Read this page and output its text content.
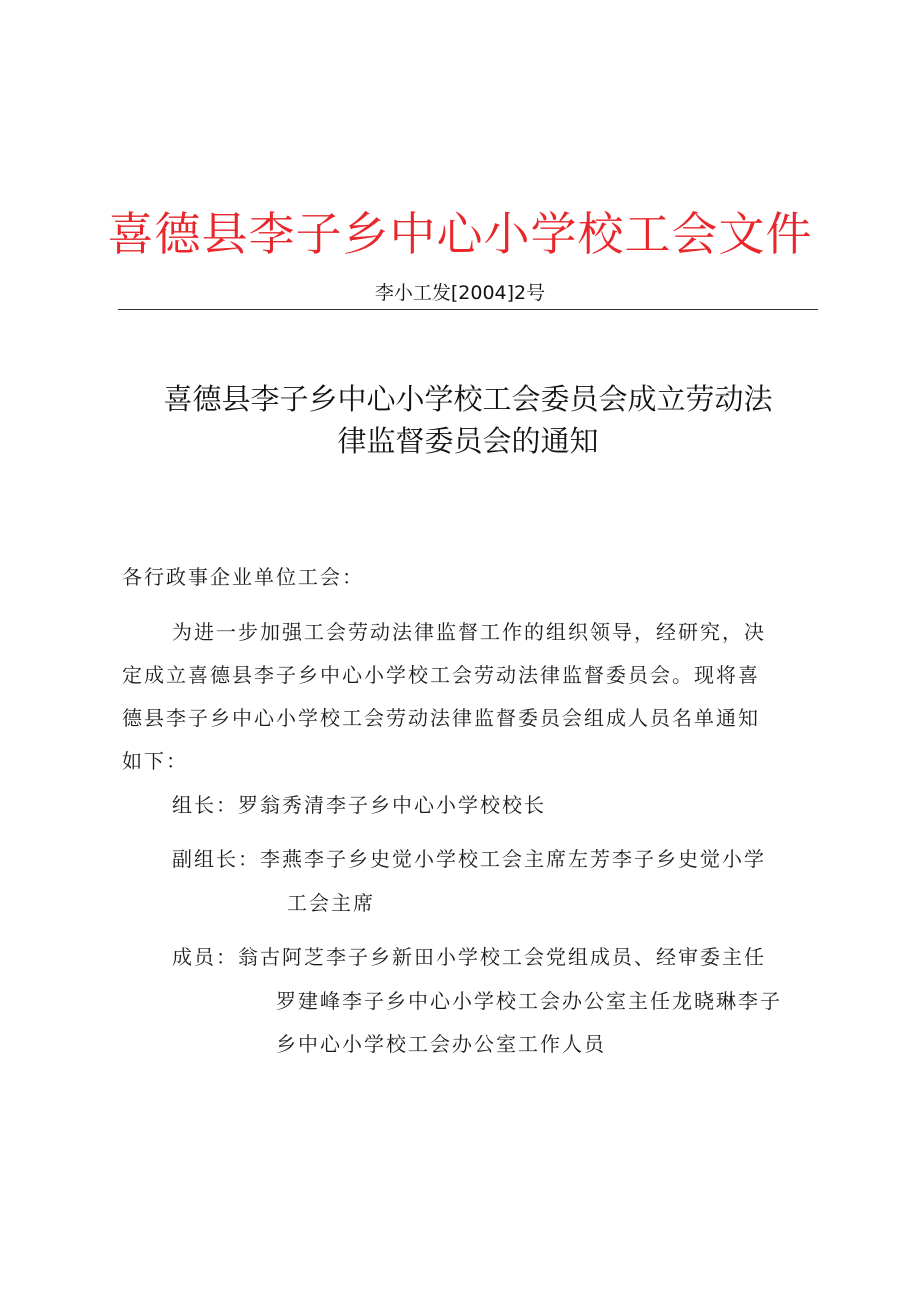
喜德县李子乡中心小学校工会文件
李小工发[2004]2号
喜德县李子乡中心小学校工会委员会成立劳动法
律监督委员会的通知
各行政事企业单位工会：
为进一步加强工会劳动法律监督工作的组织领导，经研究，决
定成立喜德县李子乡中心小学校工会劳动法律监督委员会。现将喜
德县李子乡中心小学校工会劳动法律监督委员会组成人员名单通知
如下：
组长：罗翁秀清李子乡中心小学校校长
副组长：李燕李子乡史觉小学校工会主席左芳李子乡史觉小学
工会主席
成员：翁古阿芝李子乡新田小学校工会党组成员、经审委主任
罗建峰李子乡中心小学校工会办公室主任龙晓琳李子
乡中心小学校工会办公室工作人员
